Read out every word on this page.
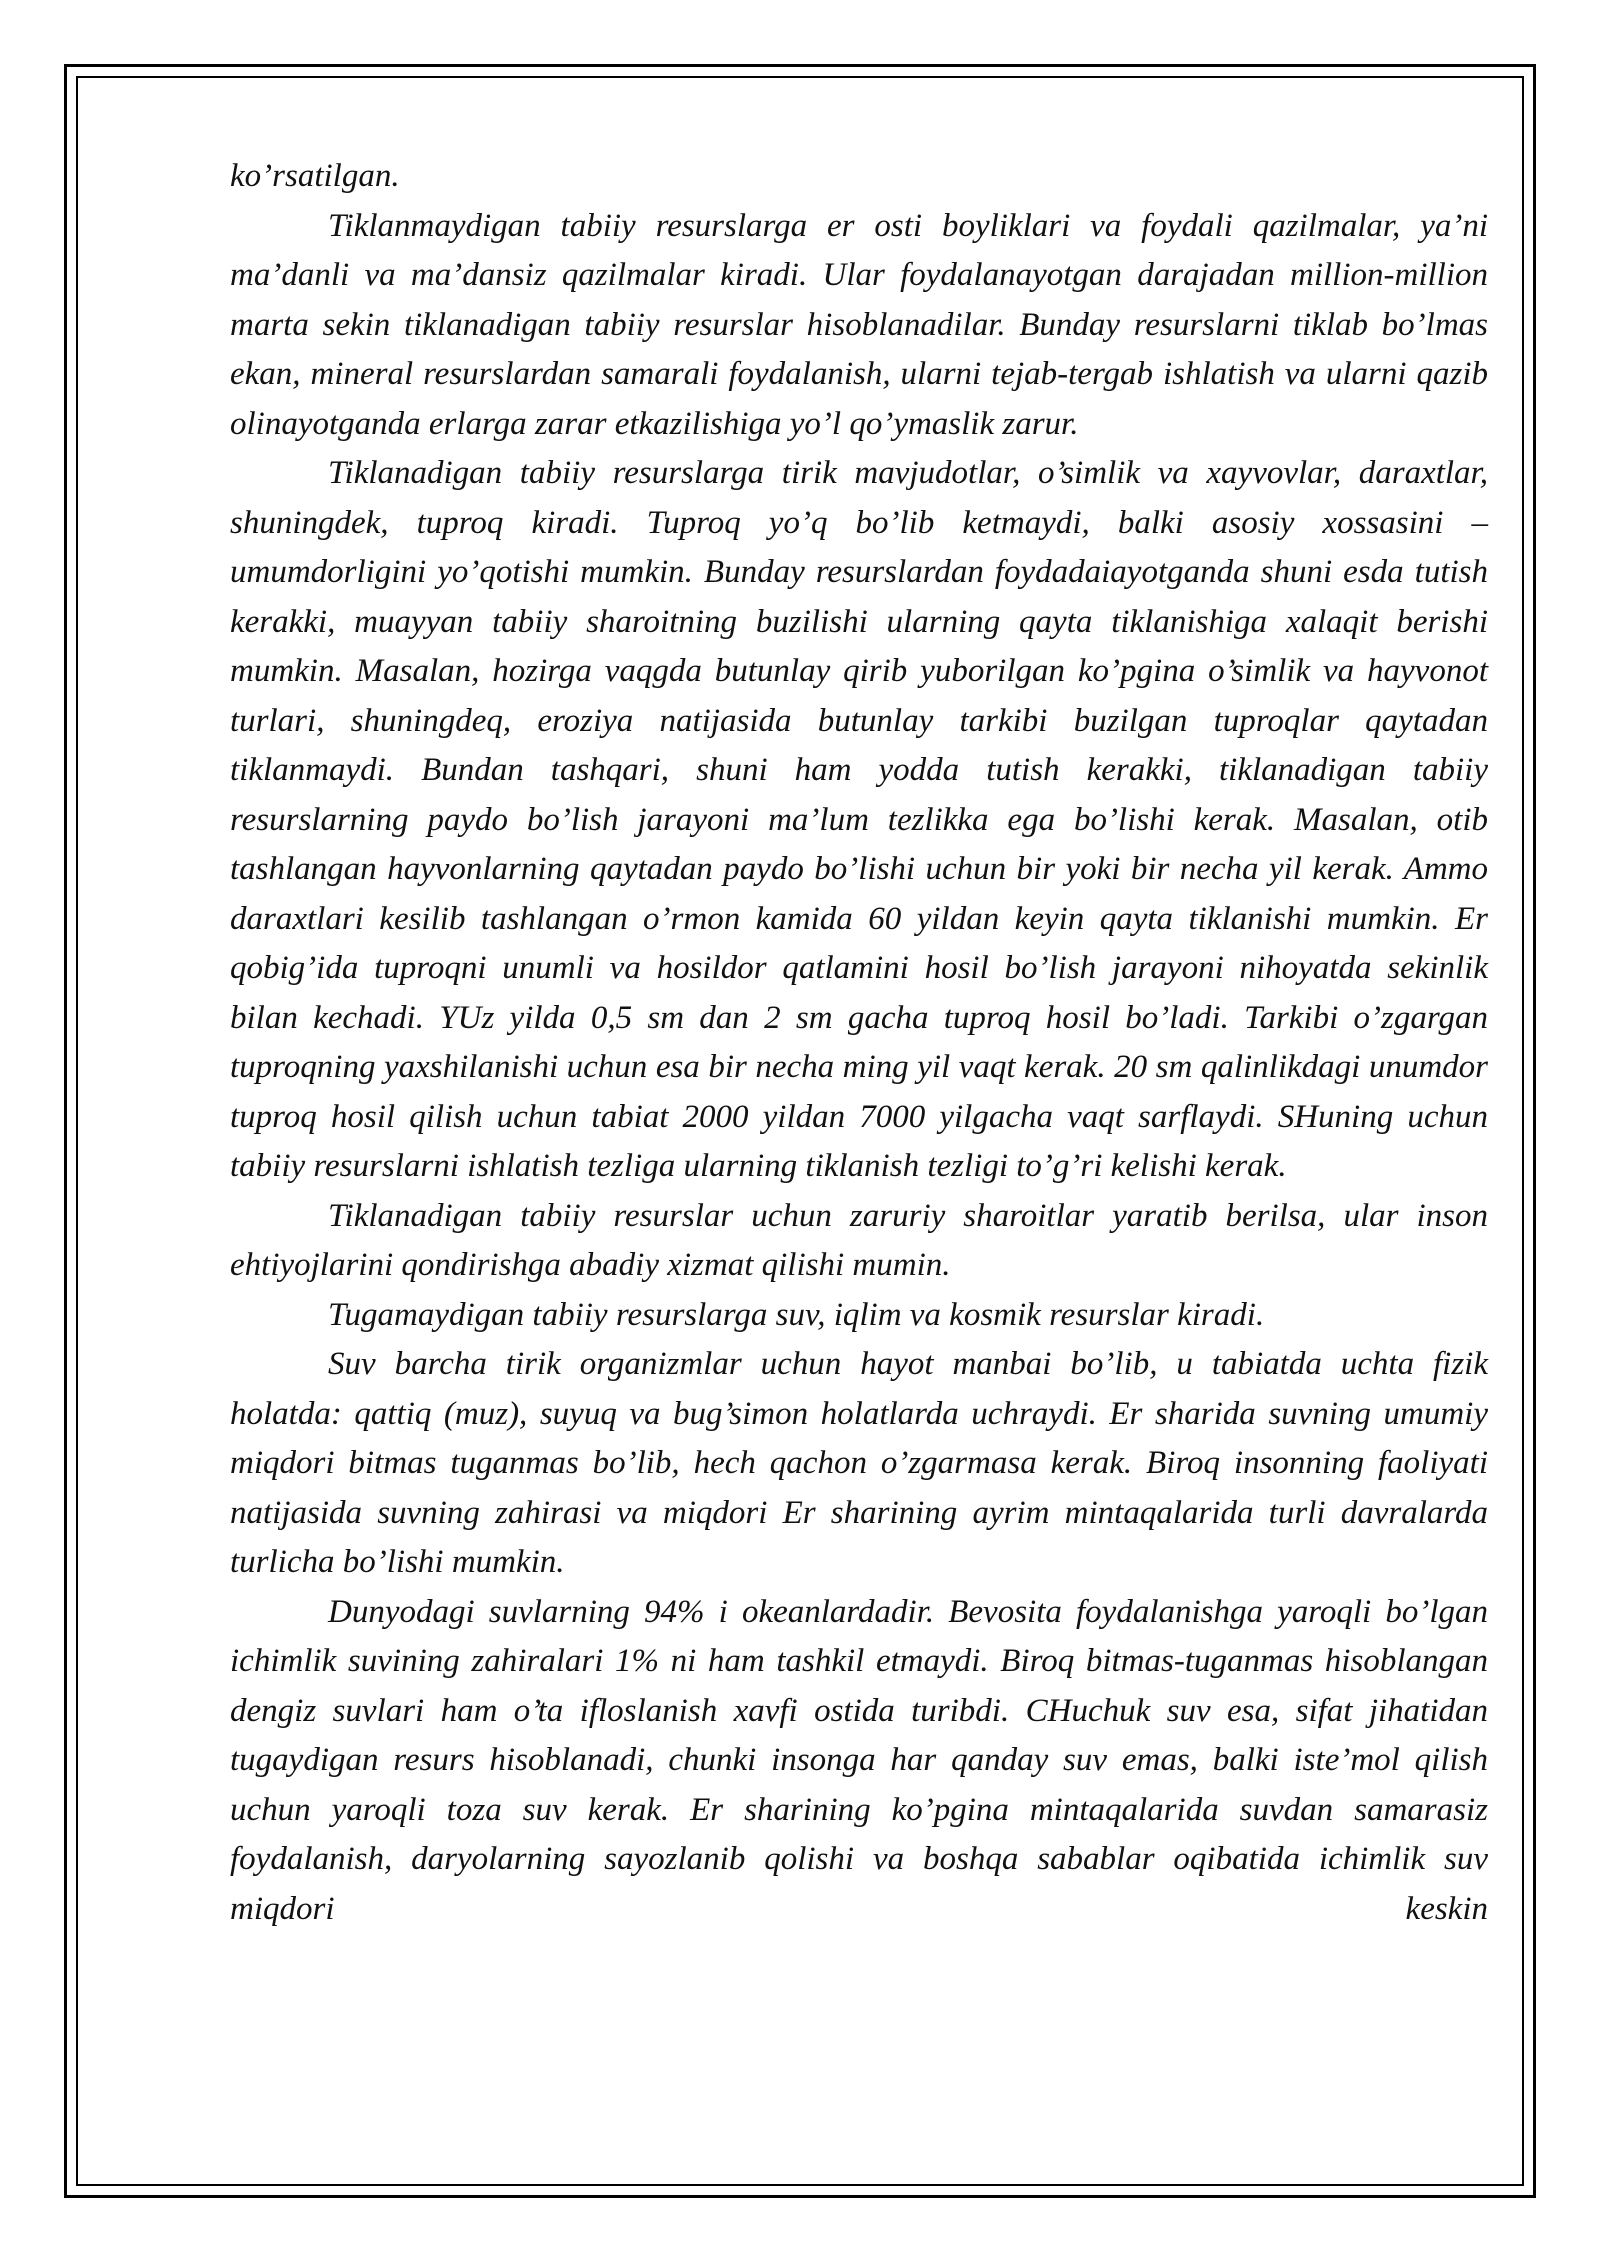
ko’rsatilgan.

Tiklanmaydigan tabiiy resurslarga er osti boyliklari va foydali qazilmalar, ya’ni ma’danli va ma’dansiz qazilmalar kiradi. Ular foydalanayotgan darajadan million-million marta sekin tiklanadigan tabiiy resurslar hisoblanadilar. Bunday resurslarni tiklab bo’lmas ekan, mineral resurslardan samarali foydalanish, ularni tejab-tergab ishlatish va ularni qazib olinayotganda erlarga zarar etkazilishiga yo’l qo’ymaslik zarur.

Tiklanadigan tabiiy resurslarga tirik mavjudotlar, o’simlik va xayvovlar, daraxtlar, shuningdek, tuproq kiradi. Tuproq yo’q bo’lib ketmaydi, balki asosiy xossasini – umumdorligini yo’qotishi mumkin. Bunday resurslardan foydadaiayotganda shuni esda tutish kerakki, muayyan tabiiy sharoitning buzilishi ularning qayta tiklanishiga xalaqit berishi mumkin. Masalan, hozirga vaqgda butunlay qirib yuborilgan ko’pgina o’simlik va hayvonot turlari, shuningdeq, eroziya natijasida butunlay tarkibi buzilgan tuproqlar qaytadan tiklanmaydi. Bundan tashqari, shuni ham yodda tutish kerakki, tiklanadigan tabiiy resurslarning paydo bo’lish jarayoni ma’lum tezlikka ega bo’lishi kerak. Masalan, otib tashlangan hayvonlarning qaytadan paydo bo’lishi uchun bir yoki bir necha yil kerak. Ammo daraxtlari kesilib tashlangan o’rmon kamida 60 yildan keyin qayta tiklanishi mumkin. Er qobig’ida tuproqni unumli va hosildor qatlamini hosil bo’lish jarayoni nihoyatda sekinlik bilan kechadi. YUz yilda 0,5 sm dan 2 sm gacha tuproq hosil bo’ladi. Tarkibi o’zgargan tuproqning yaxshilanishi uchun esa bir necha ming yil vaqt kerak. 20 sm qalinlikdagi unumdor tuproq hosil qilish uchun tabiat 2000 yildan 7000 yilgacha vaqt sarflaydi. SHuning uchun tabiiy resurslarni ishlatish tezliga ularning tiklanish tezligi to’g’ri kelishi kerak.

Tiklanadigan tabiiy resurslar uchun zaruriy sharoitlar yaratib berilsa, ular inson ehtiyojlarini qondirishga abadiy xizmat qilishi mumin.

Tugamaydigan tabiiy resurslarga suv, iqlim va kosmik resurslar kiradi.

Suv barcha tirik organizmlar uchun hayot manbai bo’lib, u tabiatda uchta fizik holatda: qattiq (muz), suyuq va bug’simon holatlarda uchraydi. Er sharida suvning umumiy miqdori bitmas tuganmas bo’lib, hech qachon o’zgarmasa kerak. Biroq insonning faoliyati natijasida suvning zahirasi va miqdori Er sharining ayrim mintaqalarida turli davralarda turlicha bo’lishi mumkin.

Dunyodagi suvlarning 94% i okeanlardadir. Bevosita foydalanishga yaroqli bo’lgan ichimlik suvining zahiralari 1% ni ham tashkil etmaydi. Biroq bitmas-tuganmas hisoblangan dengiz suvlari ham o’ta ifloslanish xavfi ostida turibdi. CHuchuk suv esa, sifat jihatidan tugaydigan resurs hisoblanadi, chunki insonga har qanday suv emas, balki iste’mol qilish uchun yaroqli toza suv kerak. Er sharining ko’pgina mintaqalarida suvdan samarasiz foydalanish, daryolarning sayozlanib qolishi va boshqa sabablar oqibatida ichimlik suv miqdori keskin
